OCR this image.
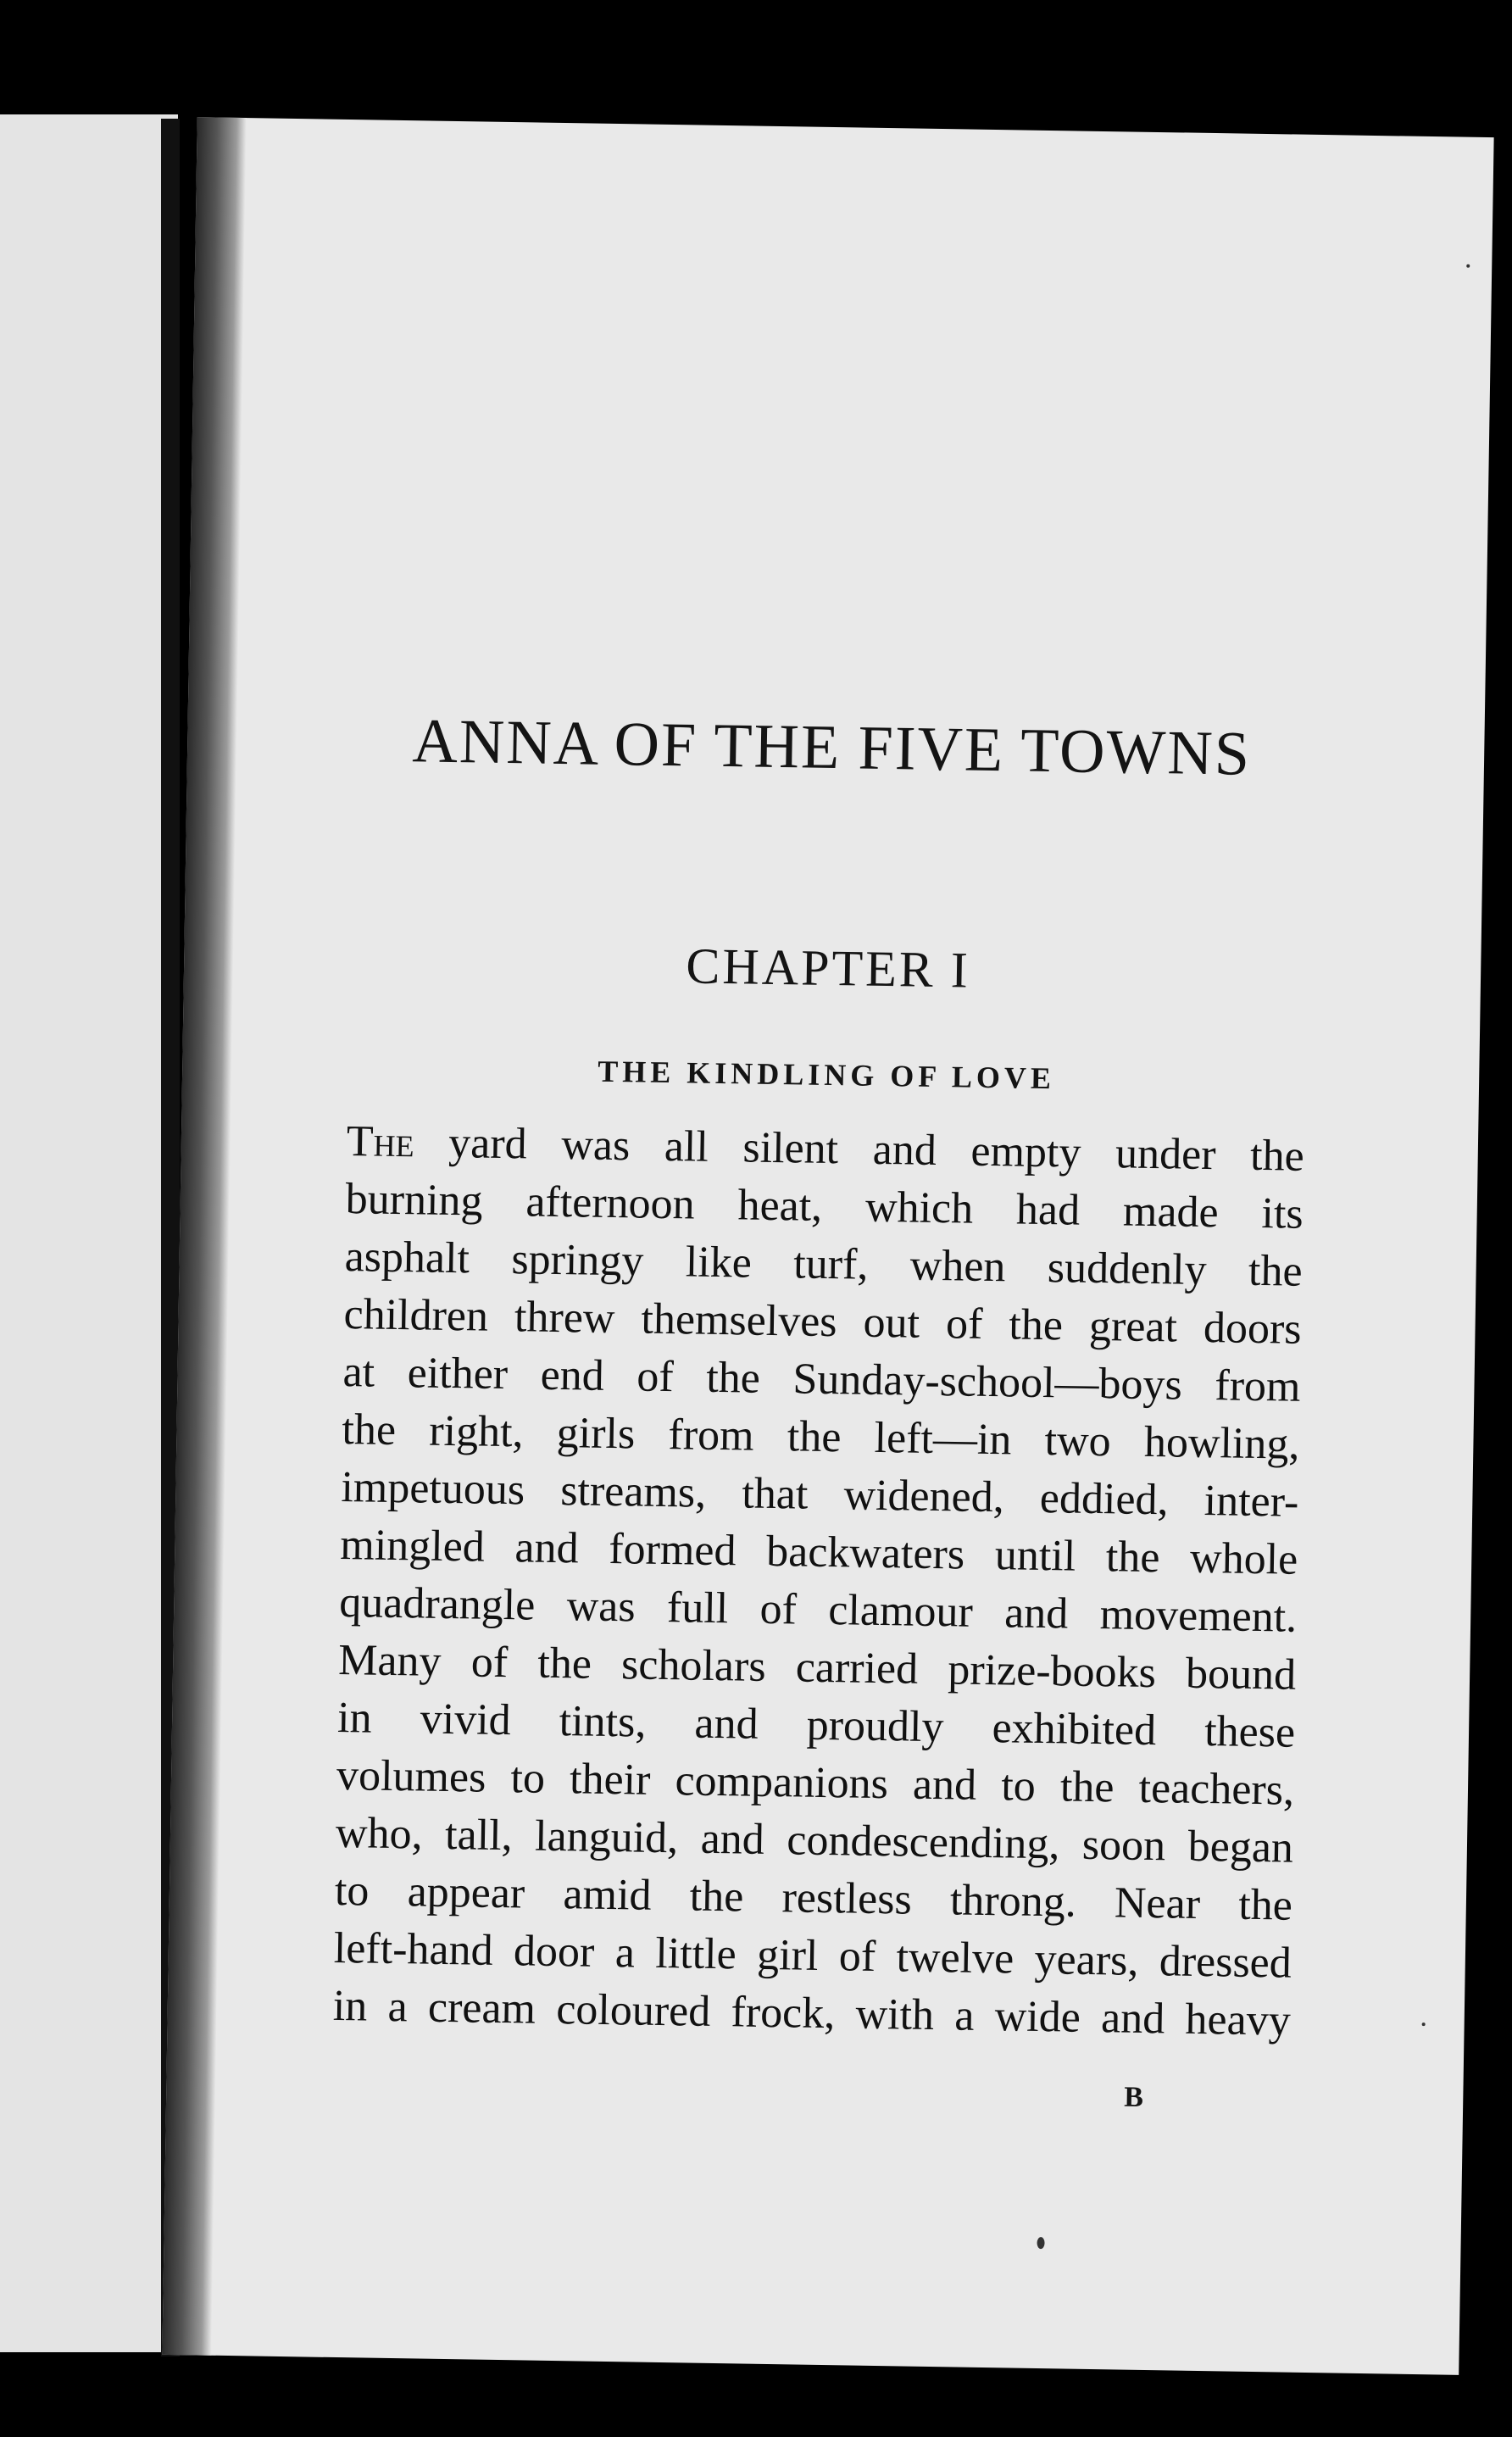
ANNA OF THE FIVE TOWNS
CHAPTER I
THE KINDLING OF LOVE
The yard was all silent and empty under the
burning afternoon heat, which had made its
asphalt springy like turf, when suddenly the
children threw themselves out of the great doors
at either end of the Sunday-school—boys from
the right, girls from the left—in two howling,
impetuous streams, that widened, eddied, inter-
mingled and formed backwaters until the whole
quadrangle was full of clamour and movement.
Many of the scholars carried prize-books bound
in vivid tints, and proudly exhibited these
volumes to their companions and to the teachers,
who, tall, languid, and condescending, soon began
to appear amid the restless throng. Near the
left-hand door a little girl of twelve years, dressed
in a cream coloured frock, with a wide and heavy
B
